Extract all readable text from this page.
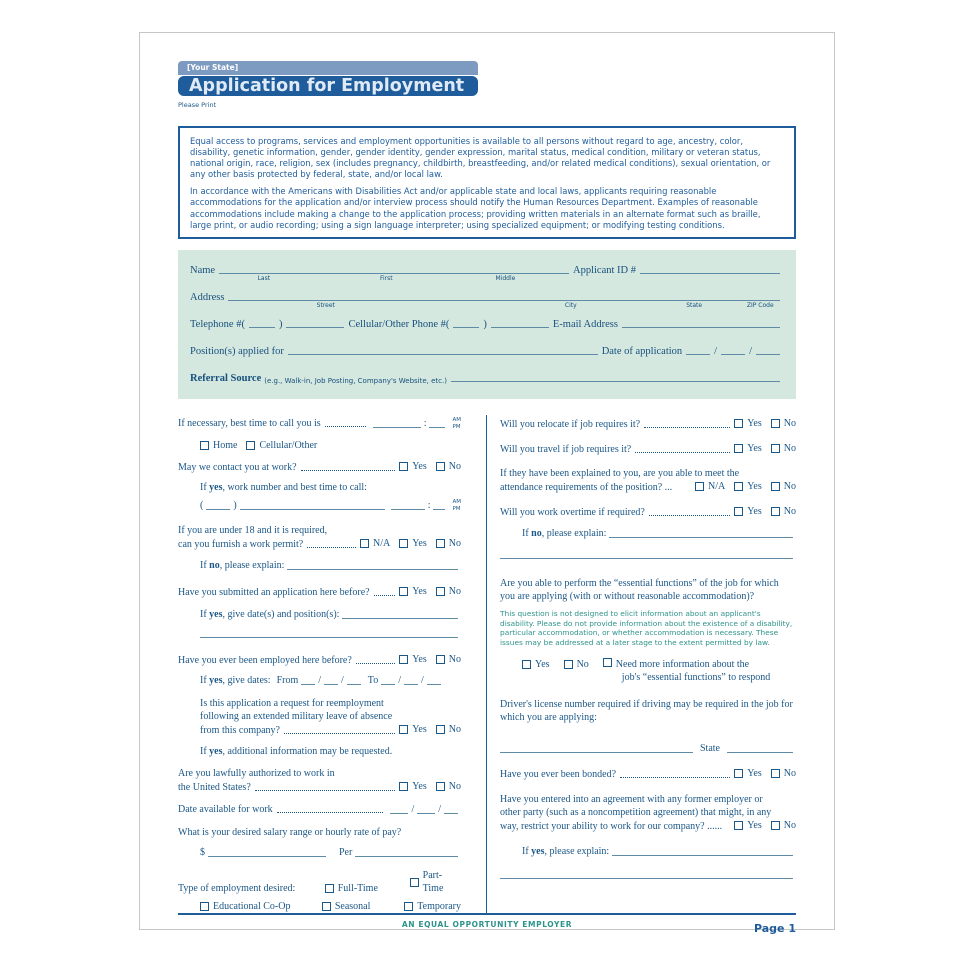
[Your State]
Application for Employment
Please Print

Equal access to programs, services and employment opportunities is available to all persons without regard to age, ancestry, color, disability, genetic information, gender, gender identity, gender expression, marital status, medical condition, military or veteran status, national origin, race, religion, sex (includes pregnancy, childbirth, breastfeeding, and/or related medical conditions), sexual orientation, or any other basis protected by federal, state, and/or local law.

In accordance with the Americans with Disabilities Act and/or applicable state and local laws, applicants requiring reasonable accommodations for the application and/or interview process should notify the Human Resources Department. Examples of reasonable accommodations include making a change to the application process; providing written materials in an alternate format such as braille, large print, or audio recording; using a sign language interpreter; using specialized equipment; or modifying testing conditions.

Name
Last	First	Middle
Applicant ID #
Address
Street	City	State	ZIP Code
Telephone # (	)	Cellular/Other Phone # (	)	E-mail Address
Position(s) applied for	Date of application	/	/
Referral Source (e.g., Walk-in, Job Posting, Company's Website, etc.)
If necessary, best time to call you is	:	AM
PM
Home Cellular/Other
May we contact you at work?	Yes No
If yes, work number and best time to call:
(	)	:	AM
PM
If you are under 18 and it is required,
can you furnish a work permit?	N/A Yes No
If no, please explain:
Have you submitted an application here before?	Yes No
If yes, give date(s) and position(s):
Have you ever been employed here before?	Yes No
If yes, give dates: From / / To / /
Is this application a request for reemployment
following an extended military leave of absence
from this company?	Yes No
If yes, additional information may be requested.
Are you lawfully authorized to work in
the United States?	Yes No
Date available for work	/ /
What is your desired salary range or hourly rate of pay?
$	Per
Type of employment desired:	Full-Time
Part-Time
Educational Co-Op	Seasonal	Temporary
Will you relocate if job requires it?	Yes No
Will you travel if job requires it?	Yes No
If they have been explained to you, are you able to meet the
attendance requirements of the position? ...	N/A Yes No
Will you work overtime if required?	Yes No
If no, please explain:
Are you able to perform the “essential functions” of the job for which you are applying (with or without reasonable accommodation)?
This question is not designed to elicit information about an applicant's disability. Please do not provide information about the existence of a disability, particular accommodation, or whether accommodation is necessary. These issues may be addressed at a later stage to the extent permitted by law.
Yes	No	Need more information about the
job's “essential functions” to respond
Driver's license number required if driving may be required in the job for which you are applying:
State
Have you ever been bonded?	Yes No
Have you entered into an agreement with any former employer or
other party (such as a noncompetition agreement) that might, in any
way, restrict your ability to work for our company? ......	Yes No
If yes, please explain:
AN EQUAL OPPORTUNITY EMPLOYER	Page 1
